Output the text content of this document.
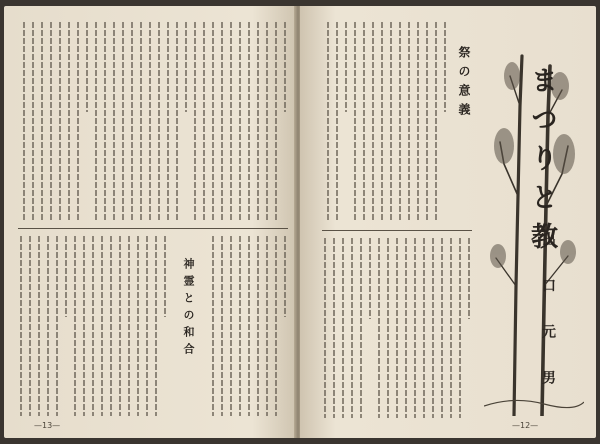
神霊との和合
—13—
祭の意義 まつりと教
出 口 元 男
—12—
